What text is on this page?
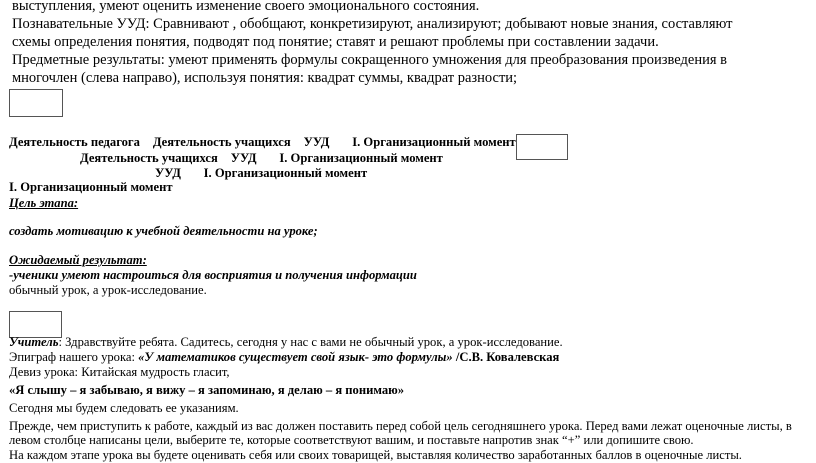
выступления, умеют оценить изменение своего эмоционального состояния.
Познавательные УУД: Сравнивают , обобщают, конкретизируют, анализируют; добывают новые знания, составляют
схемы определения понятия, подводят под понятие; ставят и решают проблемы при составлении задачи.
Предметные результаты: умеют применять формулы сокращенного умножения для преобразования произведения в
многочлен (слева направо), используя понятия: квадрат суммы, квадрат разности;
Деятельность педагога Деятельность учащихся УУД I. Организационный момент
Деятельность учащихся УУД I. Организационный момент
УУД I. Организационный момент
I. Организационный момент
Цель этапа:
создать мотивацию к учебной деятельности на уроке;
Ожидаемый результат:
-ученики умеют настроиться для восприятия и получения информации
обычный урок, а урок-исследование.
Учитель: Здравствуйте ребята. Садитесь, сегодня у нас с вами не обычный урок, а урок-исследование.
Эпиграф нашего урока: «У математиков существует свой язык- это формулы» /С.В. Ковалевская
Девиз урока: Китайская мудрость гласит,
«Я слышу – я забываю, я вижу – я запоминаю, я делаю – я понимаю»
Сегодня мы будем следовать ее указаниям.
Прежде, чем приступить к работе, каждый из вас должен поставить перед собой цель сегодняшнего урока. Перед вами лежат оценочные листы, в
левом столбце написаны цели, выберите те, которые соответствуют вашим, и поставьте напротив знак “+” или допишите свою.
На каждом этапе урока вы будете оценивать себя или своих товарищей, выставляя количество заработанных баллов в оценочные листы.
